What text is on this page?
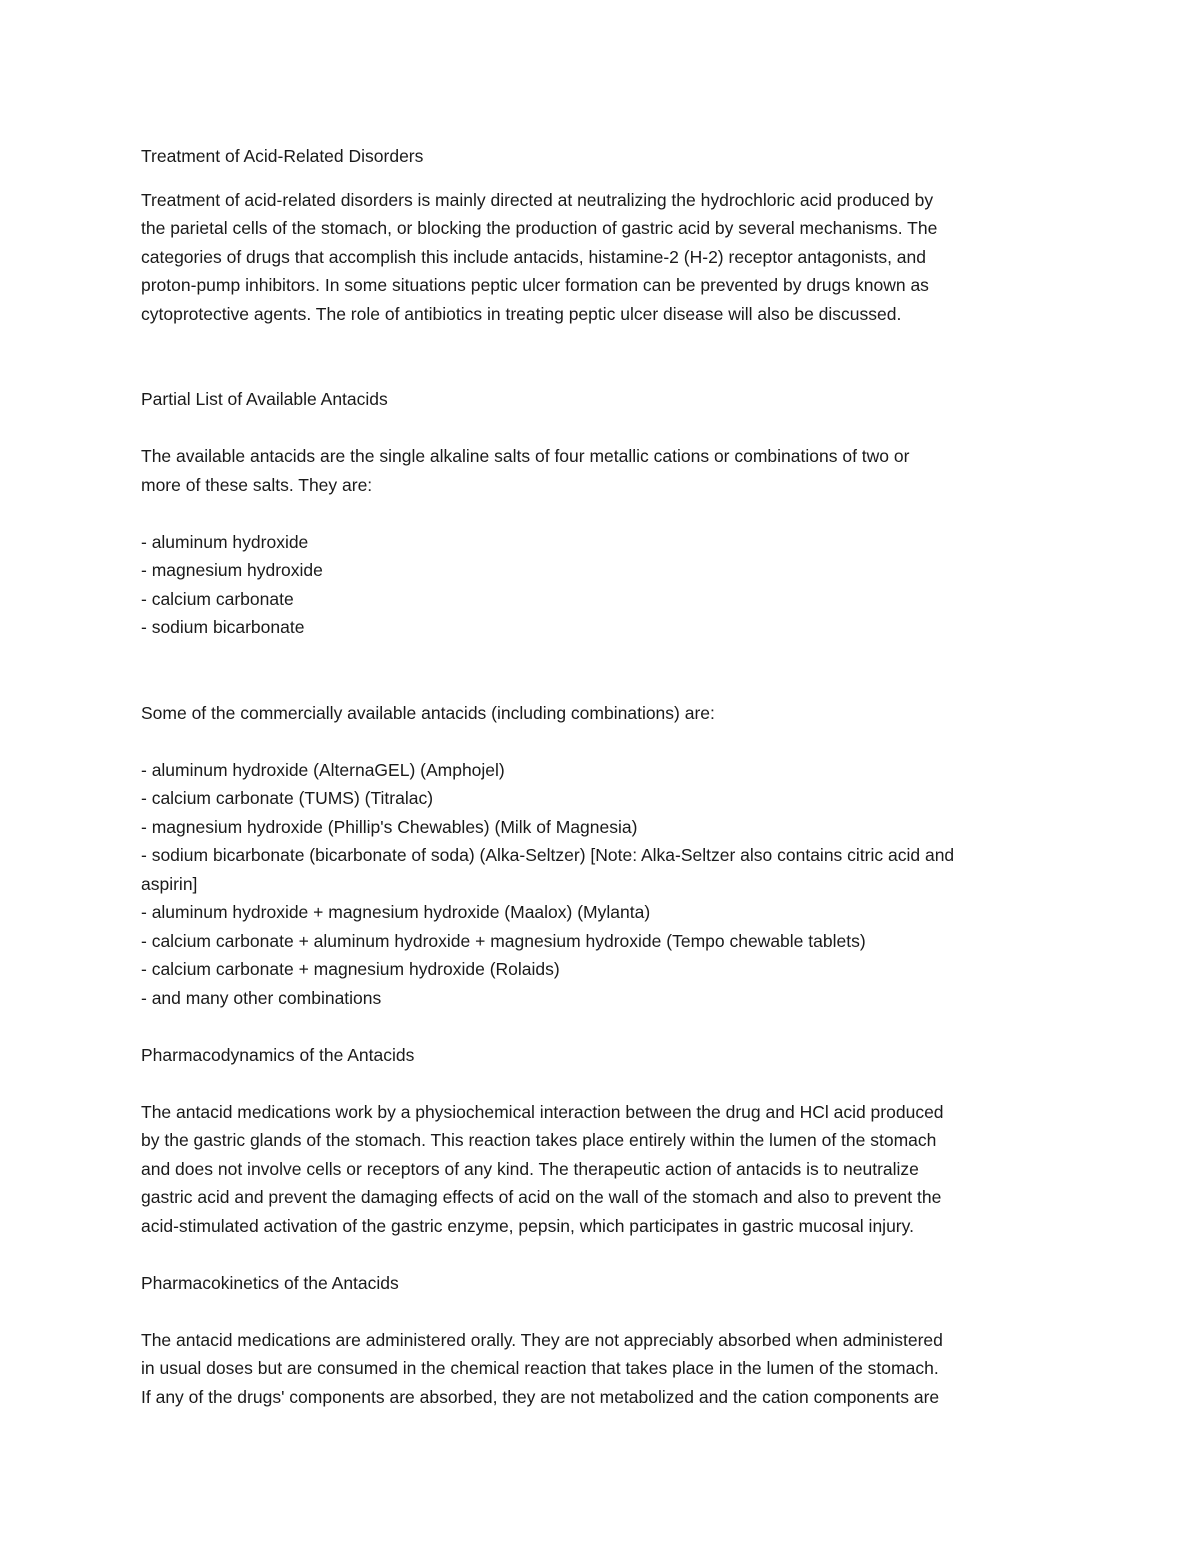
Treatment of Acid-Related Disorders

Treatment of acid-related disorders is mainly directed at neutralizing the hydrochloric acid produced by
the parietal cells of the stomach, or blocking the production of gastric acid by several mechanisms. The
categories of drugs that accomplish this include antacids, histamine-2 (H-2) receptor antagonists, and
proton-pump inhibitors. In some situations peptic ulcer formation can be prevented by drugs known as
cytoprotective agents. The role of antibiotics in treating peptic ulcer disease will also be discussed.

Partial List of Available Antacids

The available antacids are the single alkaline salts of four metallic cations or combinations of two or
more of these salts. They are:

- aluminum hydroxide
- magnesium hydroxide
- calcium carbonate
- sodium bicarbonate

Some of the commercially available antacids (including combinations) are:

- aluminum hydroxide (AlternaGEL) (Amphojel)
- calcium carbonate (TUMS) (Titralac)
- magnesium hydroxide (Phillip's Chewables) (Milk of Magnesia)
- sodium bicarbonate (bicarbonate of soda) (Alka-Seltzer) [Note: Alka-Seltzer also contains citric acid and
aspirin]
- aluminum hydroxide + magnesium hydroxide (Maalox) (Mylanta)
- calcium carbonate + aluminum hydroxide + magnesium hydroxide (Tempo chewable tablets)
- calcium carbonate + magnesium hydroxide (Rolaids)
- and many other combinations

Pharmacodynamics of the Antacids

The antacid medications work by a physiochemical interaction between the drug and HCl acid produced
by the gastric glands of the stomach. This reaction takes place entirely within the lumen of the stomach
and does not involve cells or receptors of any kind. The therapeutic action of antacids is to neutralize
gastric acid and prevent the damaging effects of acid on the wall of the stomach and also to prevent the
acid-stimulated activation of the gastric enzyme, pepsin, which participates in gastric mucosal injury.

Pharmacokinetics of the Antacids

The antacid medications are administered orally. They are not appreciably absorbed when administered
in usual doses but are consumed in the chemical reaction that takes place in the lumen of the stomach.
If any of the drugs' components are absorbed, they are not metabolized and the cation components are
